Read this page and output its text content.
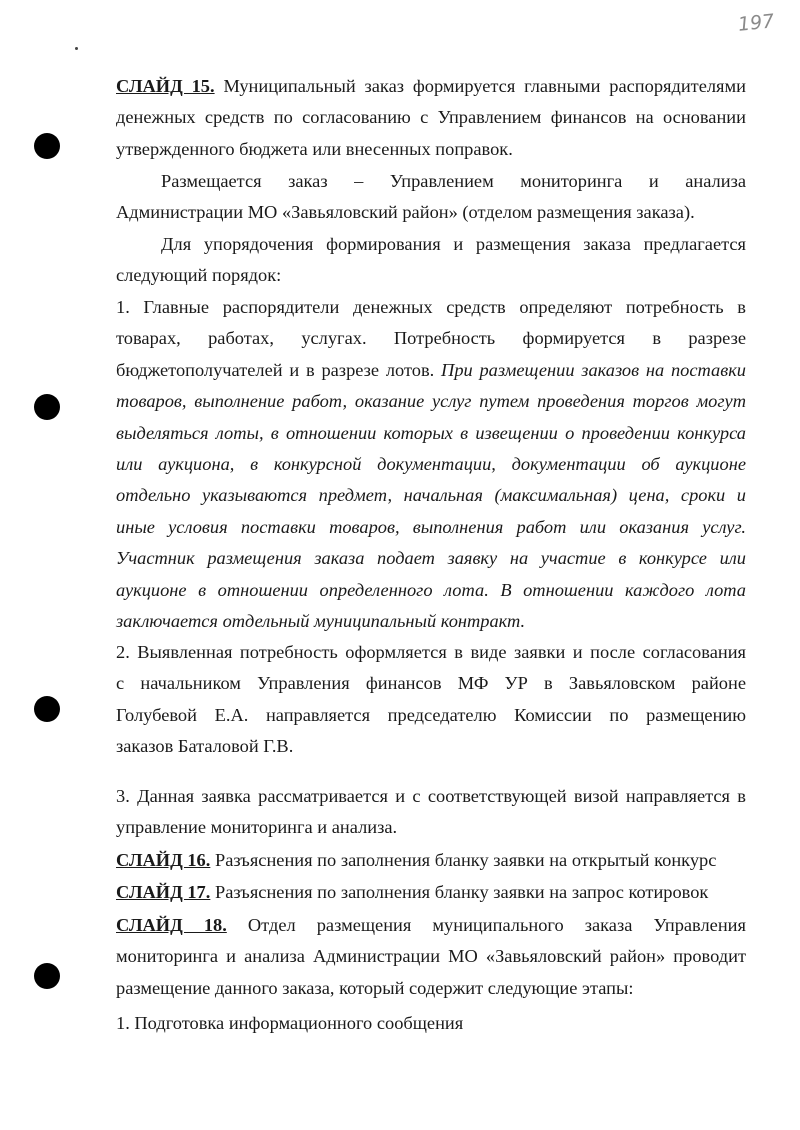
197
СЛАЙД 15. Муниципальный заказ формируется главными распорядителями
денежных средств по согласованию с Управлением финансов на основании
утвержденного бюджета или внесенных поправок.
Размещается заказ – Управлением мониторинга и анализа
Администрации МО «Завьяловский район» (отделом размещения заказа).
Для упорядочения формирования и размещения заказа предлагается
следующий порядок:
1. Главные распорядители денежных средств определяют потребность в
товарах, работах, услугах. Потребность формируется в разрезе
бюджетополучателей и в разрезе лотов. При размещении заказов на поставки
товаров, выполнение работ, оказание услуг путем проведения торгов могут
выделяться лоты, в отношении которых в извещении о проведении конкурса
или аукциона, в конкурсной документации, документации об аукционе
отдельно указываются предмет, начальная (максимальная) цена, сроки и
иные условия поставки товаров, выполнения работ или оказания услуг.
Участник размещения заказа подает заявку на участие в конкурсе или
аукционе в отношении определенного лота. В отношении каждого лота
заключается отдельный муниципальный контракт.
2. Выявленная потребность оформляется в виде заявки и после согласования
с начальником Управления финансов МФ УР в Завьяловском районе
Голубевой Е.А. направляется председателю Комиссии по размещению
заказов Баталовой Г.В.
3. Данная заявка рассматривается и с соответствующей визой направляется в
управление мониторинга и анализа.
СЛАЙД 16. Разъяснения по заполнения бланку заявки на открытый конкурс
СЛАЙД 17. Разъяснения по заполнения бланку заявки на запрос котировок
СЛАЙД 18. Отдел размещения муниципального заказа Управления
мониторинга и анализа Администрации МО «Завьяловский район» проводит
размещение данного заказа, который содержит следующие этапы:
1. Подготовка информационного сообщения
